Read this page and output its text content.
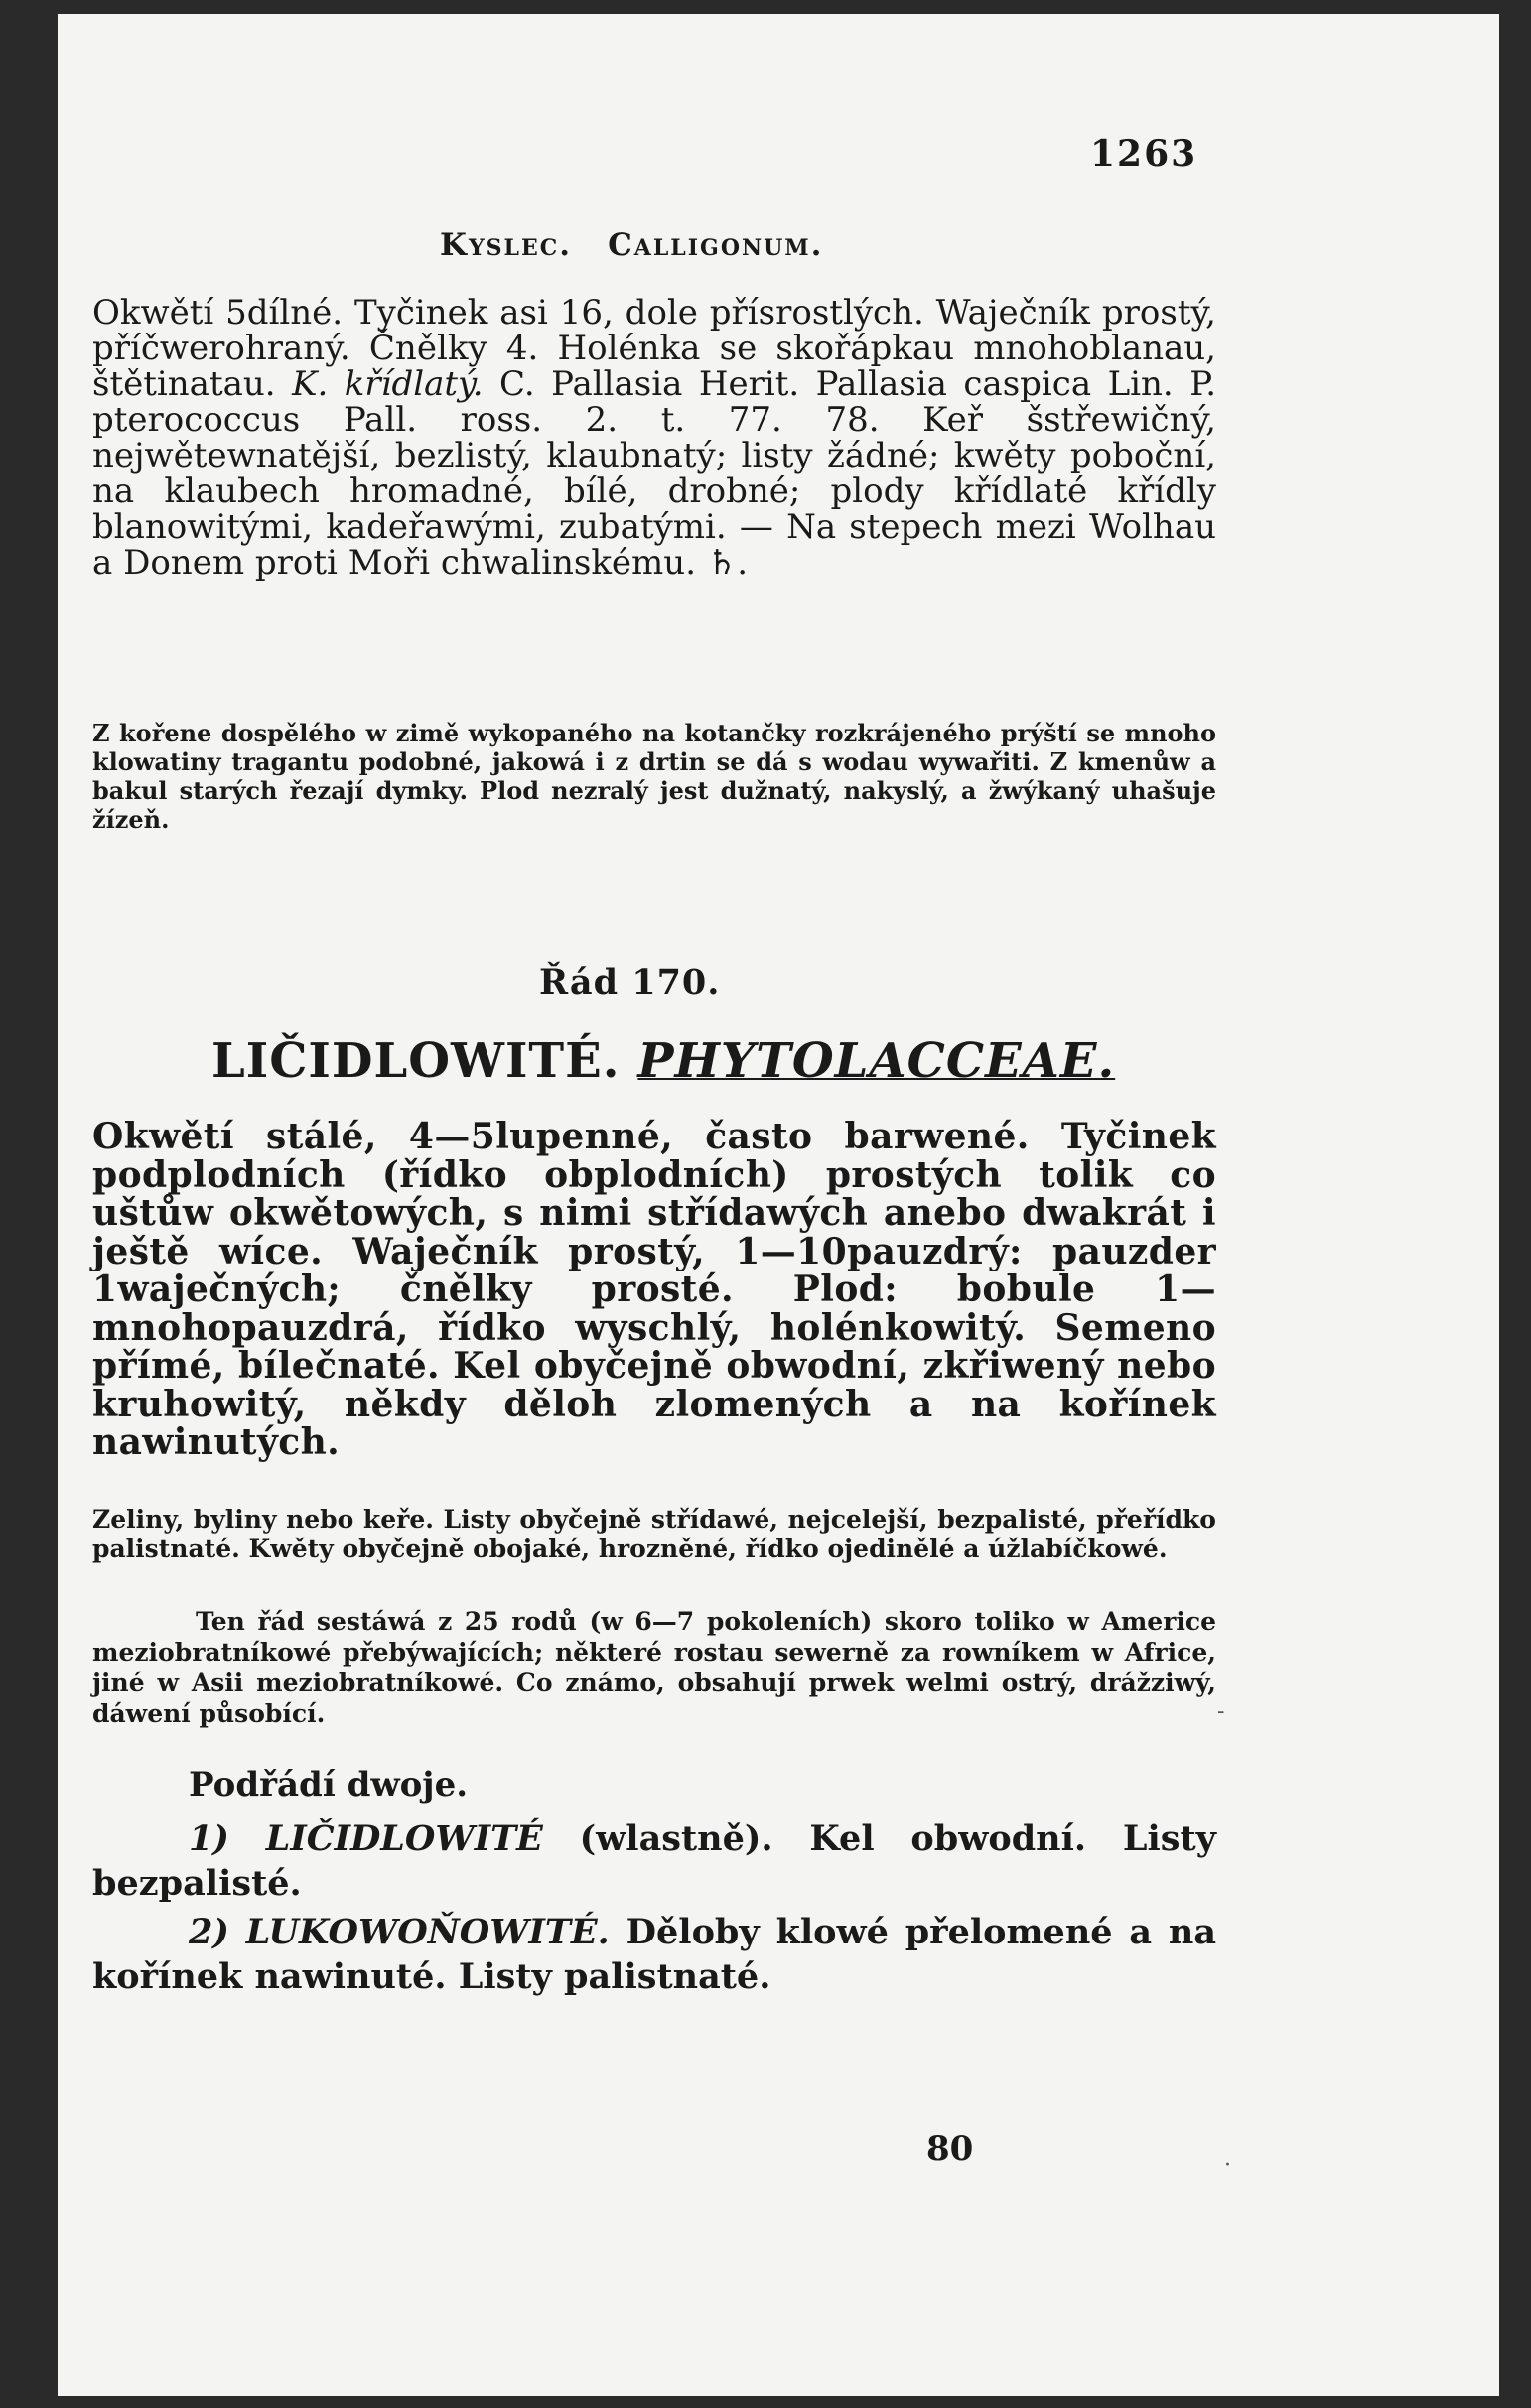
1263

Kyslec. Calligonum.

Okwětí 5dílné. Tyčinek asi 16, dole přísrostlých. Waječník prostý, příčwerohraný. Čnělky 4. Holénka se skořápkau mnohoblanau, štětinatau. K. křídlatý. C. Pallasia Herit. Pallasia caspica Lin. P. pterococcus Pall. ross. 2. t. 77. 78. Keř šstřewičný, nejwětewnatější, bezlistý, klaubnatý; listy žádné; kwěty poboční, na klaubech hromadné, bílé, drobné; plody křídlaté křídly blanowitými, kadeřawými, zubatými. — Na stepech mezi Wolhau a Donem proti Moři chwalinskému. ♄.

Z kořene dospělého w zimě wykopaného na kotančky rozkrájeného prýští se mnoho klowatiny tragantu podobné, jakowá i z drtin se dá s wodau wywařiti. Z kmenůw a bakul starých řezají dymky. Plod nezralý jest dužnatý, nakyslý, a žwýkaný uhašuje žízeň.

Řád 170.

LIČIDLOWITÉ. PHYTOLACCEAE.

Okwětí stálé, 4—5lupenné, často barwené. Tyčinek podplodních (řídko obplodních) prostých tolik co uštůw okwětowých, s nimi střídawých anebo dwakrát i ještě wíce. Waječník prostý, 1—10pauzdrý: pauzder 1waječných; čnělky prosté. Plod: bobule 1— mnohopauzdrá, řídko wyschlý, holénkowitý. Semeno přímé, bílečnaté. Kel obyčejně obwodní, zkřiwený nebo kruhowitý, někdy děloh zlomených a na kořínek nawinutých.

Zeliny, byliny nebo keře. Listy obyčejně střídawé, nejcelejší, bezpalisté, přeřídko palistnaté. Kwěty obyčejně obojaké, hrozněné, řídko ojedinělé a úžlabíčkowé.

Ten řád sestáwá z 25 rodů (w 6—7 pokoleních) skoro toliko w Americe meziobratníkowé přebýwajících; některé rostau sewerně za rowníkem w Africe, jiné w Asii meziobratníkowé. Co známo, obsahují prwek welmi ostrý, drážziwý, dáwení působící.

Podřádí dwoje.

1) LIČIDLOWITÉ (wlastně). Kel obwodní. Listy bezpalisté.

2) LUKOWOŇOWITÉ. Děloby klowé přelomené a na kořínek nawinuté. Listy palistnaté.

80

-
·
